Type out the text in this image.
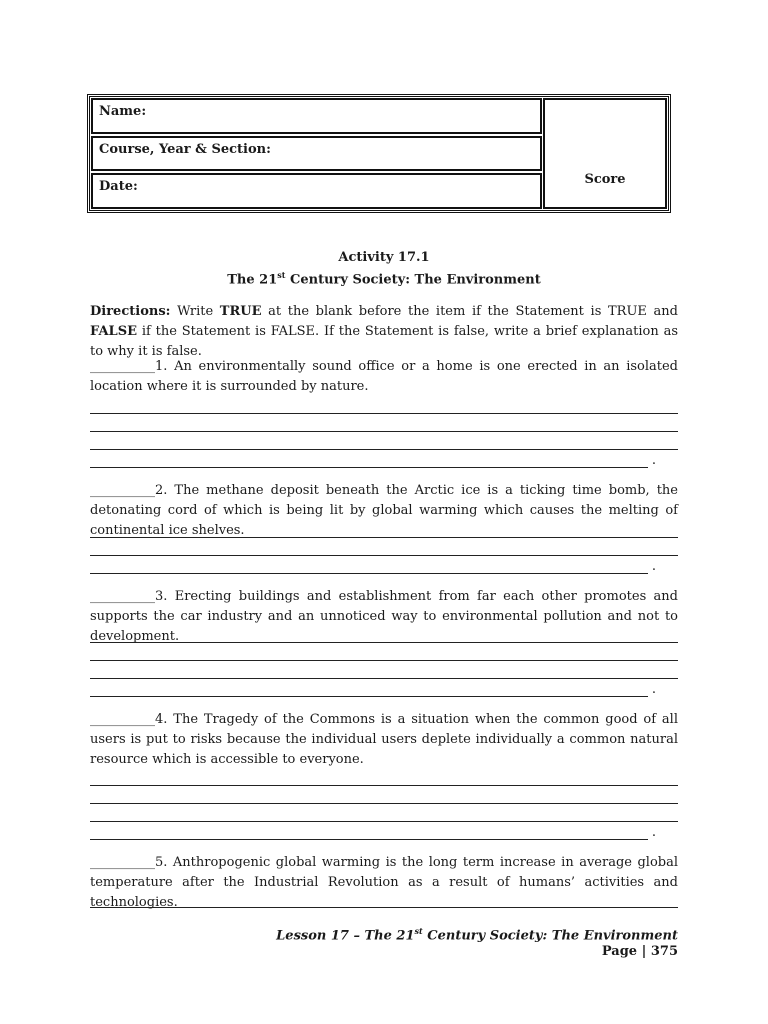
Name:
Course, Year & Section:
Date:	Score
Activity 17.1
The 21st Century Society: The Environment
Directions: Write TRUE at the blank before the item if the Statement is TRUE and FALSE if the Statement is FALSE. If the Statement is false, write a brief explanation as to why it is false.
__________1. An environmentally sound office or a home is one erected in an isolated location where it is surrounded by nature.
.
__________2. The methane deposit beneath the Arctic ice is a ticking time bomb, the detonating cord of which is being lit by global warming which causes the melting of continental ice shelves.
.
__________3. Erecting buildings and establishment from far each other promotes and supports the car industry and an unnoticed way to environmental pollution and not to development.
.
__________4. The Tragedy of the Commons is a situation when the common good of all users is put to risks because the individual users deplete individually a common natural resource which is accessible to everyone.
.
__________5. Anthropogenic global warming is the long term increase in average global temperature after the Industrial Revolution as a result of humans’ activities and technologies.
Lesson 17 – The 21st Century Society: The Environment
Page | 375
